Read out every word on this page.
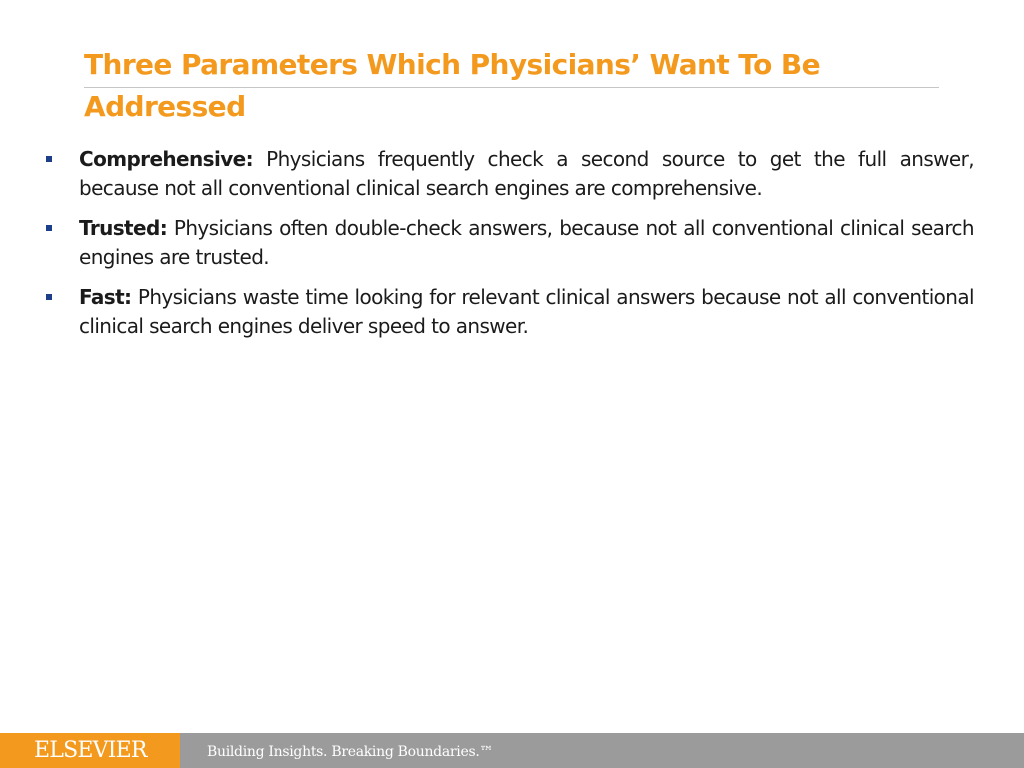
Three Parameters Which Physicians’ Want To Be Addressed
Comprehensive: Physicians frequently check a second source to get the full answer, because not all conventional clinical search engines are comprehensive.
Trusted: Physicians often double-check answers, because not all conventional clinical search engines are trusted.
Fast: Physicians waste time looking for relevant clinical answers because not all conventional clinical search engines deliver speed to answer.
ELSEVIER	Building Insights. Breaking Boundaries.™
